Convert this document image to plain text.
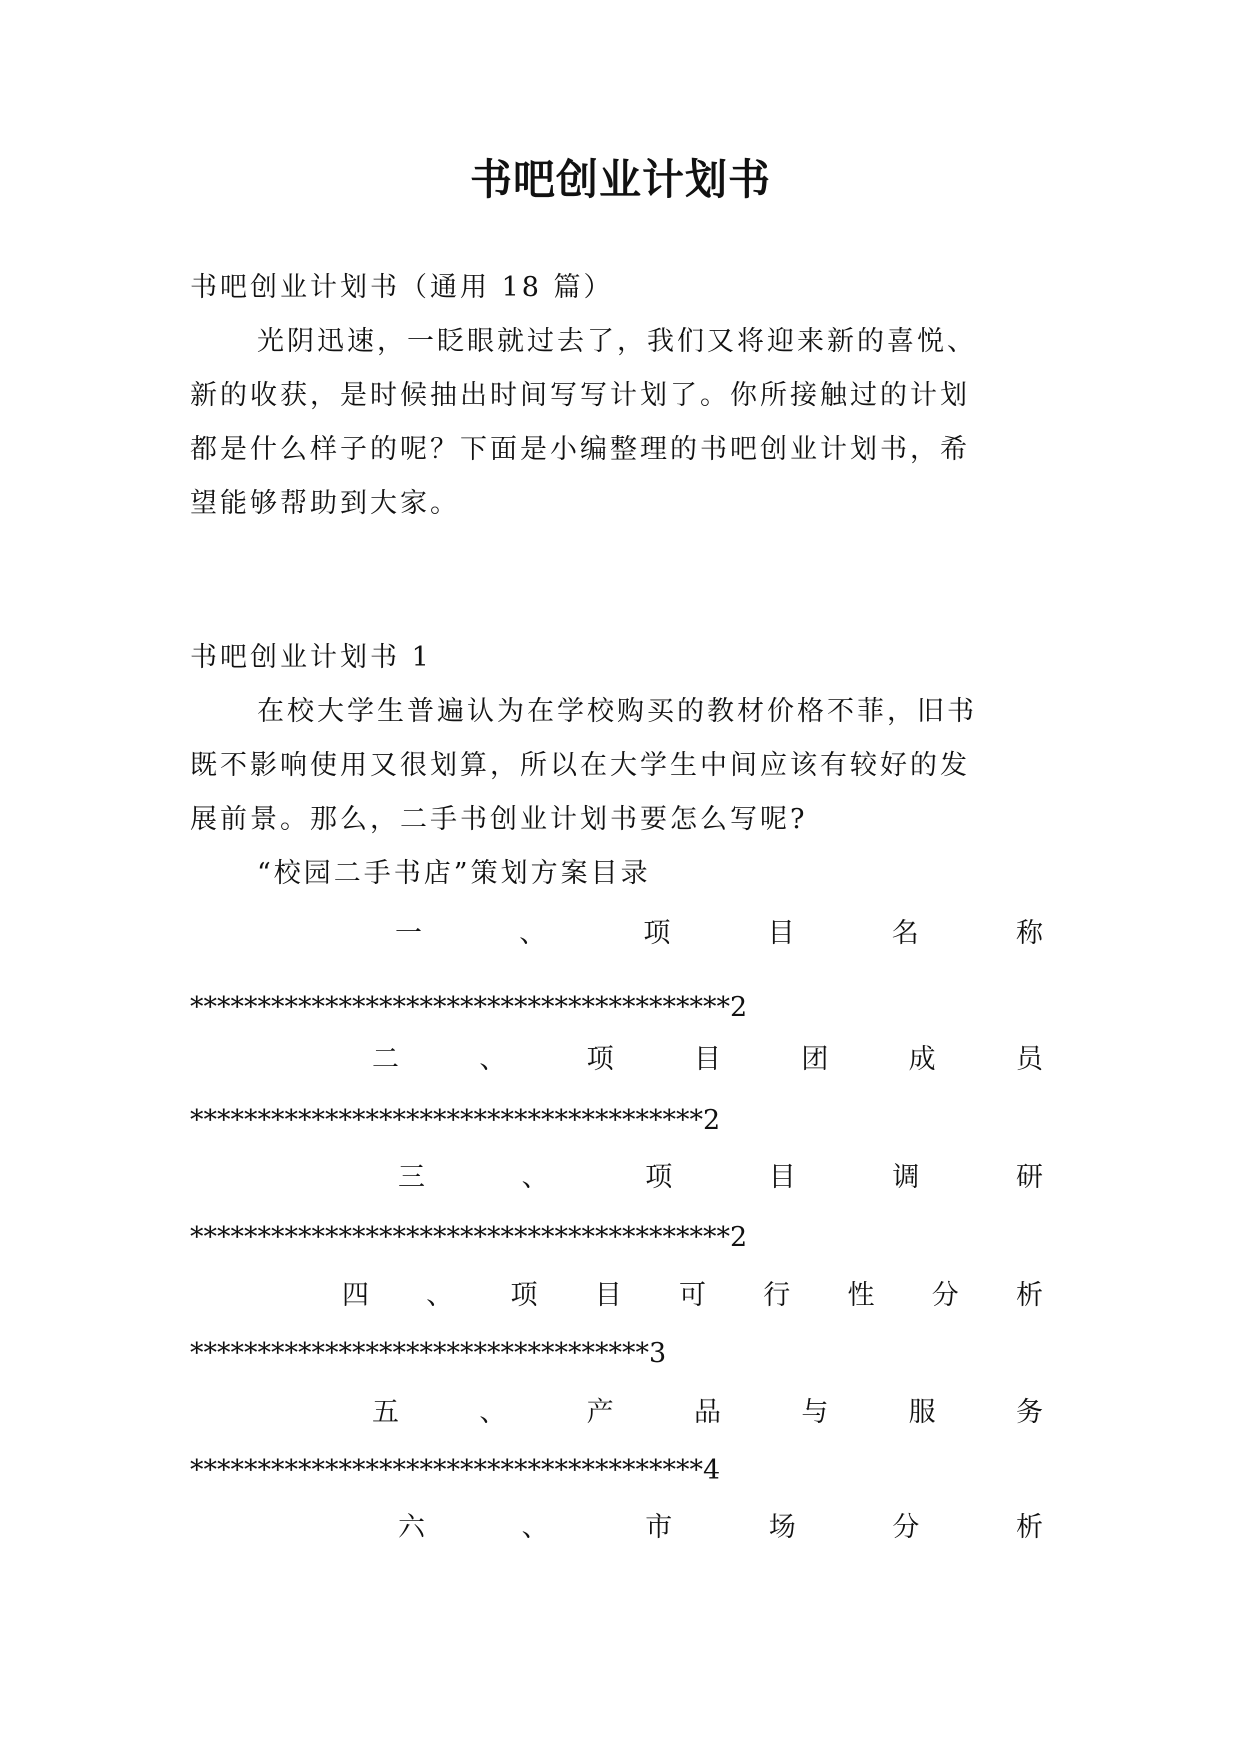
书吧创业计划书
书吧创业计划书（通用 18 篇）
光阴迅速，一眨眼就过去了，我们又将迎来新的喜悦、
新的收获，是时候抽出时间写写计划了。你所接触过的计划
都是什么样子的呢？下面是小编整理的书吧创业计划书，希
望能够帮助到大家。
书吧创业计划书 1
在校大学生普遍认为在学校购买的教材价格不菲，旧书
既不影响使用又很划算，所以在大学生中间应该有较好的发
展前景。那么，二手书创业计划书要怎么写呢?
“校园二手书店”策划方案目录
一	、	项	目	名	称
****************************************2
二	、	项	目	团	成	员
**************************************2
三	、	项	目	调	研
****************************************2
四 、 项 目 可 行 性 分 析
**********************************3
五	、	产	品	与	服	务
**************************************4
六	、	市	场	分	析
